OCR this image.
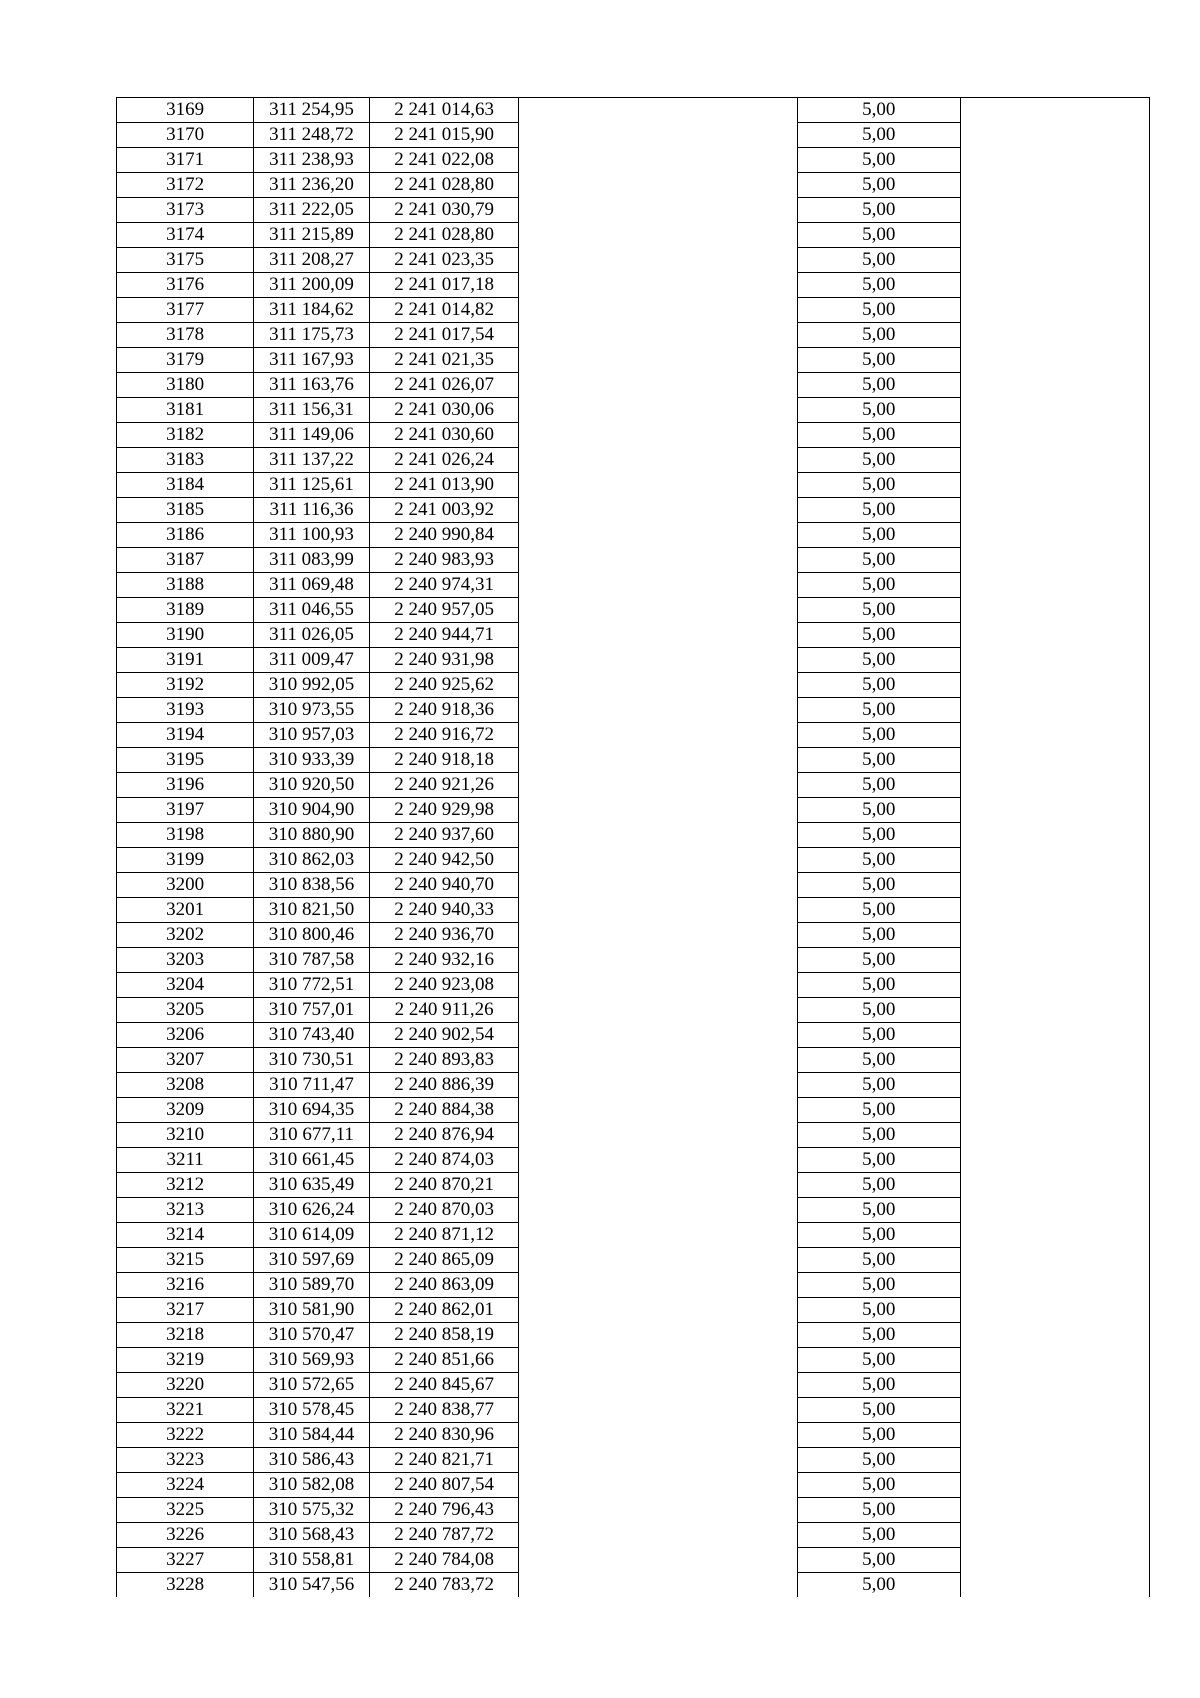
3169	311 254,95	2 241 014,63		5,00	
3170	311 248,72	2 241 015,90		5,00	
3171	311 238,93	2 241 022,08		5,00	
3172	311 236,20	2 241 028,80		5,00	
3173	311 222,05	2 241 030,79		5,00	
3174	311 215,89	2 241 028,80		5,00	
3175	311 208,27	2 241 023,35		5,00	
3176	311 200,09	2 241 017,18		5,00	
3177	311 184,62	2 241 014,82		5,00	
3178	311 175,73	2 241 017,54		5,00	
3179	311 167,93	2 241 021,35		5,00	
3180	311 163,76	2 241 026,07		5,00	
3181	311 156,31	2 241 030,06		5,00	
3182	311 149,06	2 241 030,60		5,00	
3183	311 137,22	2 241 026,24		5,00	
3184	311 125,61	2 241 013,90		5,00	
3185	311 116,36	2 241 003,92		5,00	
3186	311 100,93	2 240 990,84		5,00	
3187	311 083,99	2 240 983,93		5,00	
3188	311 069,48	2 240 974,31		5,00	
3189	311 046,55	2 240 957,05		5,00	
3190	311 026,05	2 240 944,71		5,00	
3191	311 009,47	2 240 931,98		5,00	
3192	310 992,05	2 240 925,62		5,00	
3193	310 973,55	2 240 918,36		5,00	
3194	310 957,03	2 240 916,72		5,00	
3195	310 933,39	2 240 918,18		5,00	
3196	310 920,50	2 240 921,26		5,00	
3197	310 904,90	2 240 929,98		5,00	
3198	310 880,90	2 240 937,60		5,00	
3199	310 862,03	2 240 942,50		5,00	
3200	310 838,56	2 240 940,70		5,00	
3201	310 821,50	2 240 940,33		5,00	
3202	310 800,46	2 240 936,70		5,00	
3203	310 787,58	2 240 932,16		5,00	
3204	310 772,51	2 240 923,08		5,00	
3205	310 757,01	2 240 911,26		5,00	
3206	310 743,40	2 240 902,54		5,00	
3207	310 730,51	2 240 893,83		5,00	
3208	310 711,47	2 240 886,39		5,00	
3209	310 694,35	2 240 884,38		5,00	
3210	310 677,11	2 240 876,94		5,00	
3211	310 661,45	2 240 874,03		5,00	
3212	310 635,49	2 240 870,21		5,00	
3213	310 626,24	2 240 870,03		5,00	
3214	310 614,09	2 240 871,12		5,00	
3215	310 597,69	2 240 865,09		5,00	
3216	310 589,70	2 240 863,09		5,00	
3217	310 581,90	2 240 862,01		5,00	
3218	310 570,47	2 240 858,19		5,00	
3219	310 569,93	2 240 851,66		5,00	
3220	310 572,65	2 240 845,67		5,00	
3221	310 578,45	2 240 838,77		5,00	
3222	310 584,44	2 240 830,96		5,00	
3223	310 586,43	2 240 821,71		5,00	
3224	310 582,08	2 240 807,54		5,00	
3225	310 575,32	2 240 796,43		5,00	
3226	310 568,43	2 240 787,72		5,00	
3227	310 558,81	2 240 784,08		5,00	
3228	310 547,56	2 240 783,72		5,00	
